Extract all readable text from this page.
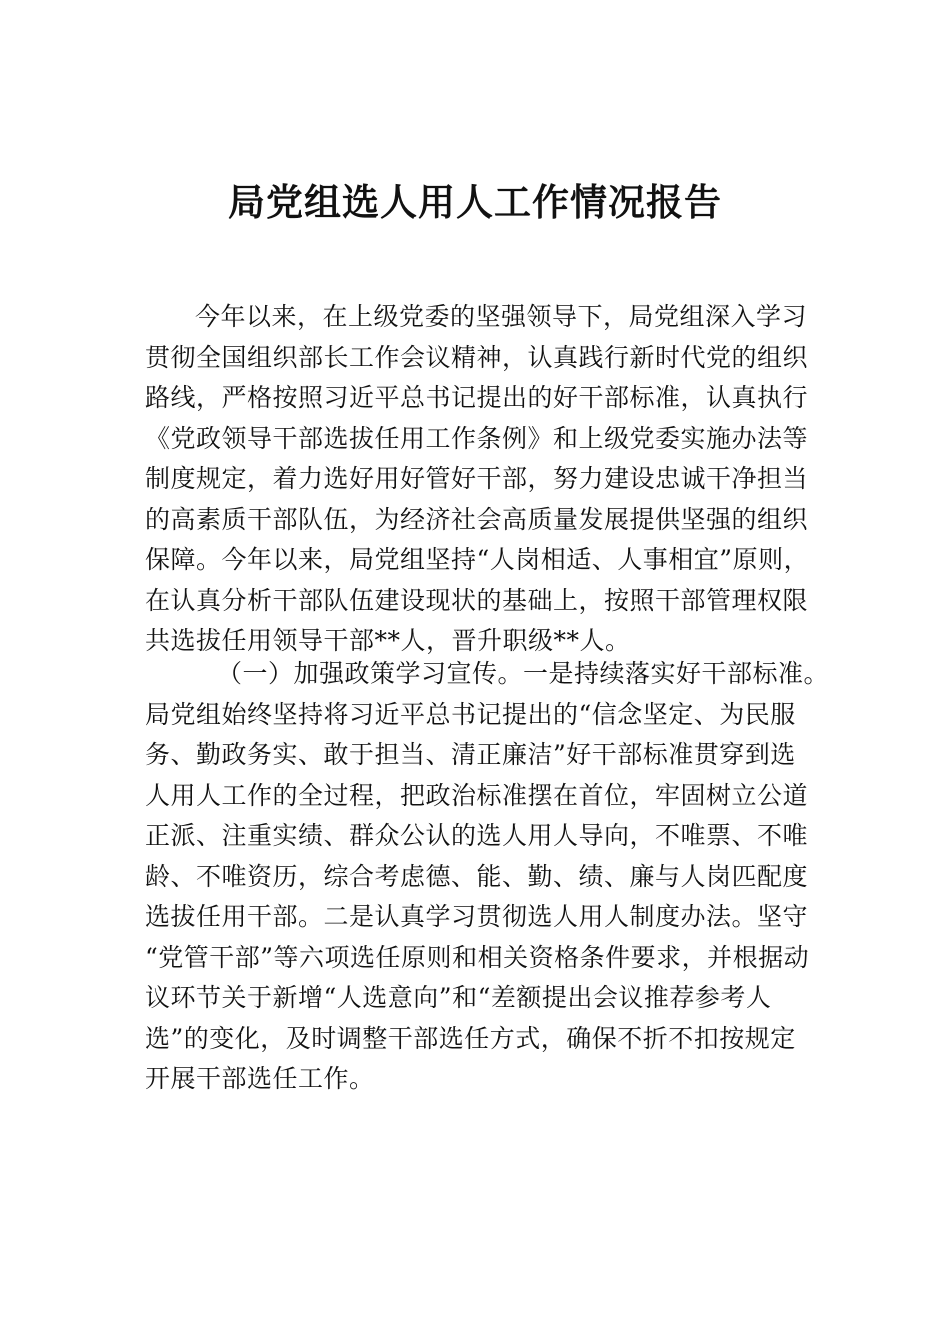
局党组选人用人工作情况报告
今年以来，在上级党委的坚强领导下，局党组深入学习
贯彻全国组织部长工作会议精神，认真践行新时代党的组织
路线，严格按照习近平总书记提出的好干部标准，认真执行
《党政领导干部选拔任用工作条例》和上级党委实施办法等
制度规定，着力选好用好管好干部，努力建设忠诚干净担当
的高素质干部队伍，为经济社会高质量发展提供坚强的组织
保障。今年以来，局党组坚持“人岗相适、人事相宜”原则，
在认真分析干部队伍建设现状的基础上，按照干部管理权限
共选拔任用领导干部**人，晋升职级**人。
（一）加强政策学习宣传。一是持续落实好干部标准。
局党组始终坚持将习近平总书记提出的“信念坚定、为民服
务、勤政务实、敢于担当、清正廉洁”好干部标准贯穿到选
人用人工作的全过程，把政治标准摆在首位，牢固树立公道
正派、注重实绩、群众公认的选人用人导向，不唯票、不唯
龄、不唯资历，综合考虑德、能、勤、绩、廉与人岗匹配度
选拔任用干部。二是认真学习贯彻选人用人制度办法。坚守
“党管干部”等六项选任原则和相关资格条件要求，并根据动
议环节关于新增“人选意向”和“差额提出会议推荐参考人
选”的变化，及时调整干部选任方式，确保不折不扣按规定
开展干部选任工作。
